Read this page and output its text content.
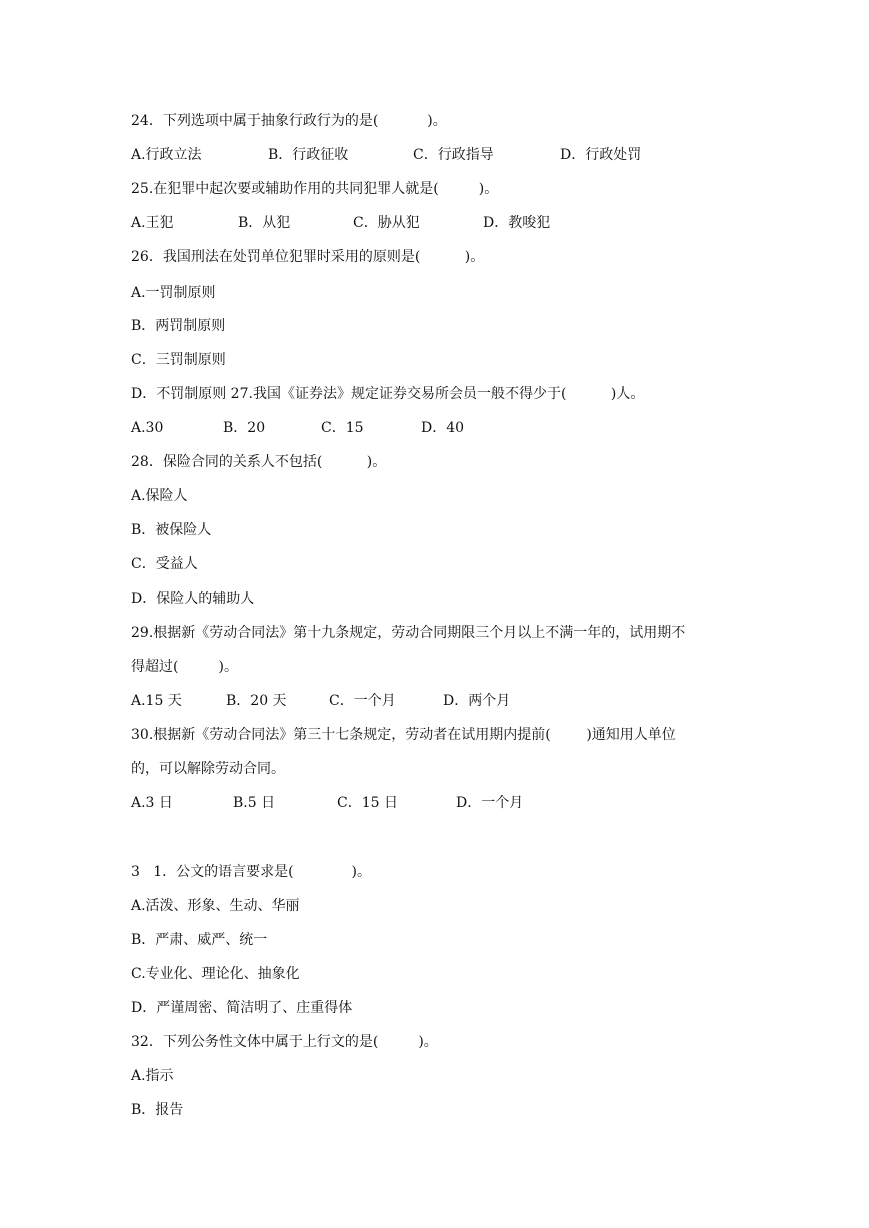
24．下列选项中属于抽象行政行为的是(           )。

A.行政立法	B．行政征收	C．行政指导	D．行政处罚

25.在犯罪中起次要或辅助作用的共同犯罪人就是(         )。

A.王犯	B．从犯	C．胁从犯	D．教唆犯

26．我国刑法在处罚单位犯罪时采用的原则是(          )。

A.一罚制原则

B．两罚制原则

C．三罚制原则

D．不罚制原则 27.我国《证券法》规定证券交易所会员一般不得少于(          )人。

A.30	B．20	C．15	D．40

28．保险合同的关系人不包括(          )。

A.保险人

B．被保险人

C．受益人

D．保险人的辅助人

29.根据新《劳动合同法》第十九条规定，劳动合同期限三个月以上不满一年的，试用期不

得超过(         )。

A.15 天	B．20 天	C．一个月	D．两个月

30.根据新《劳动合同法》第三十七条规定，劳动者在试用期内提前(        )通知用人单位

的，可以解除劳动合同。

A.3 日	B.5 日	C．15 日	D．一个月

3   1．公文的语言要求是(             )。

A.活泼、形象、生动、华丽

B．严肃、威严、统一

C.专业化、理论化、抽象化

D．严谨周密、简洁明了、庄重得体

32．下列公务性文体中属于上行文的是(         )。

A.指示

B．报告
